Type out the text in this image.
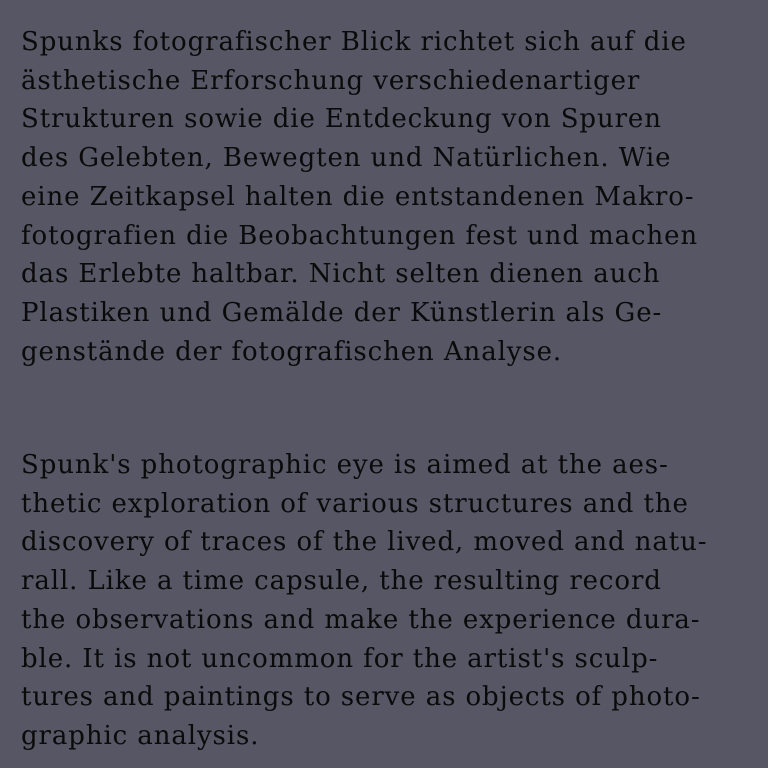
Spunks fotografischer Blick richtet sich auf die
ästhetische Erforschung verschiedenartiger
Strukturen sowie die Entdeckung von Spuren
des Gelebten, Bewegten und Natürlichen. Wie
eine Zeitkapsel halten die entstandenen Makro-
fotografien die Beobachtungen fest und machen
das Erlebte haltbar. Nicht selten dienen auch
Plastiken und Gemälde der Künstlerin als Ge-
genstände der fotografischen Analyse.

Spunk's photographic eye is aimed at the aes-
thetic exploration of various structures and the
discovery of traces of the lived, moved and natu-
rall. Like a time capsule, the resulting record
the observations and make the experience dura-
ble. It is not uncommon for the artist's sculp-
tures and paintings to serve as objects of photo-
graphic analysis.
